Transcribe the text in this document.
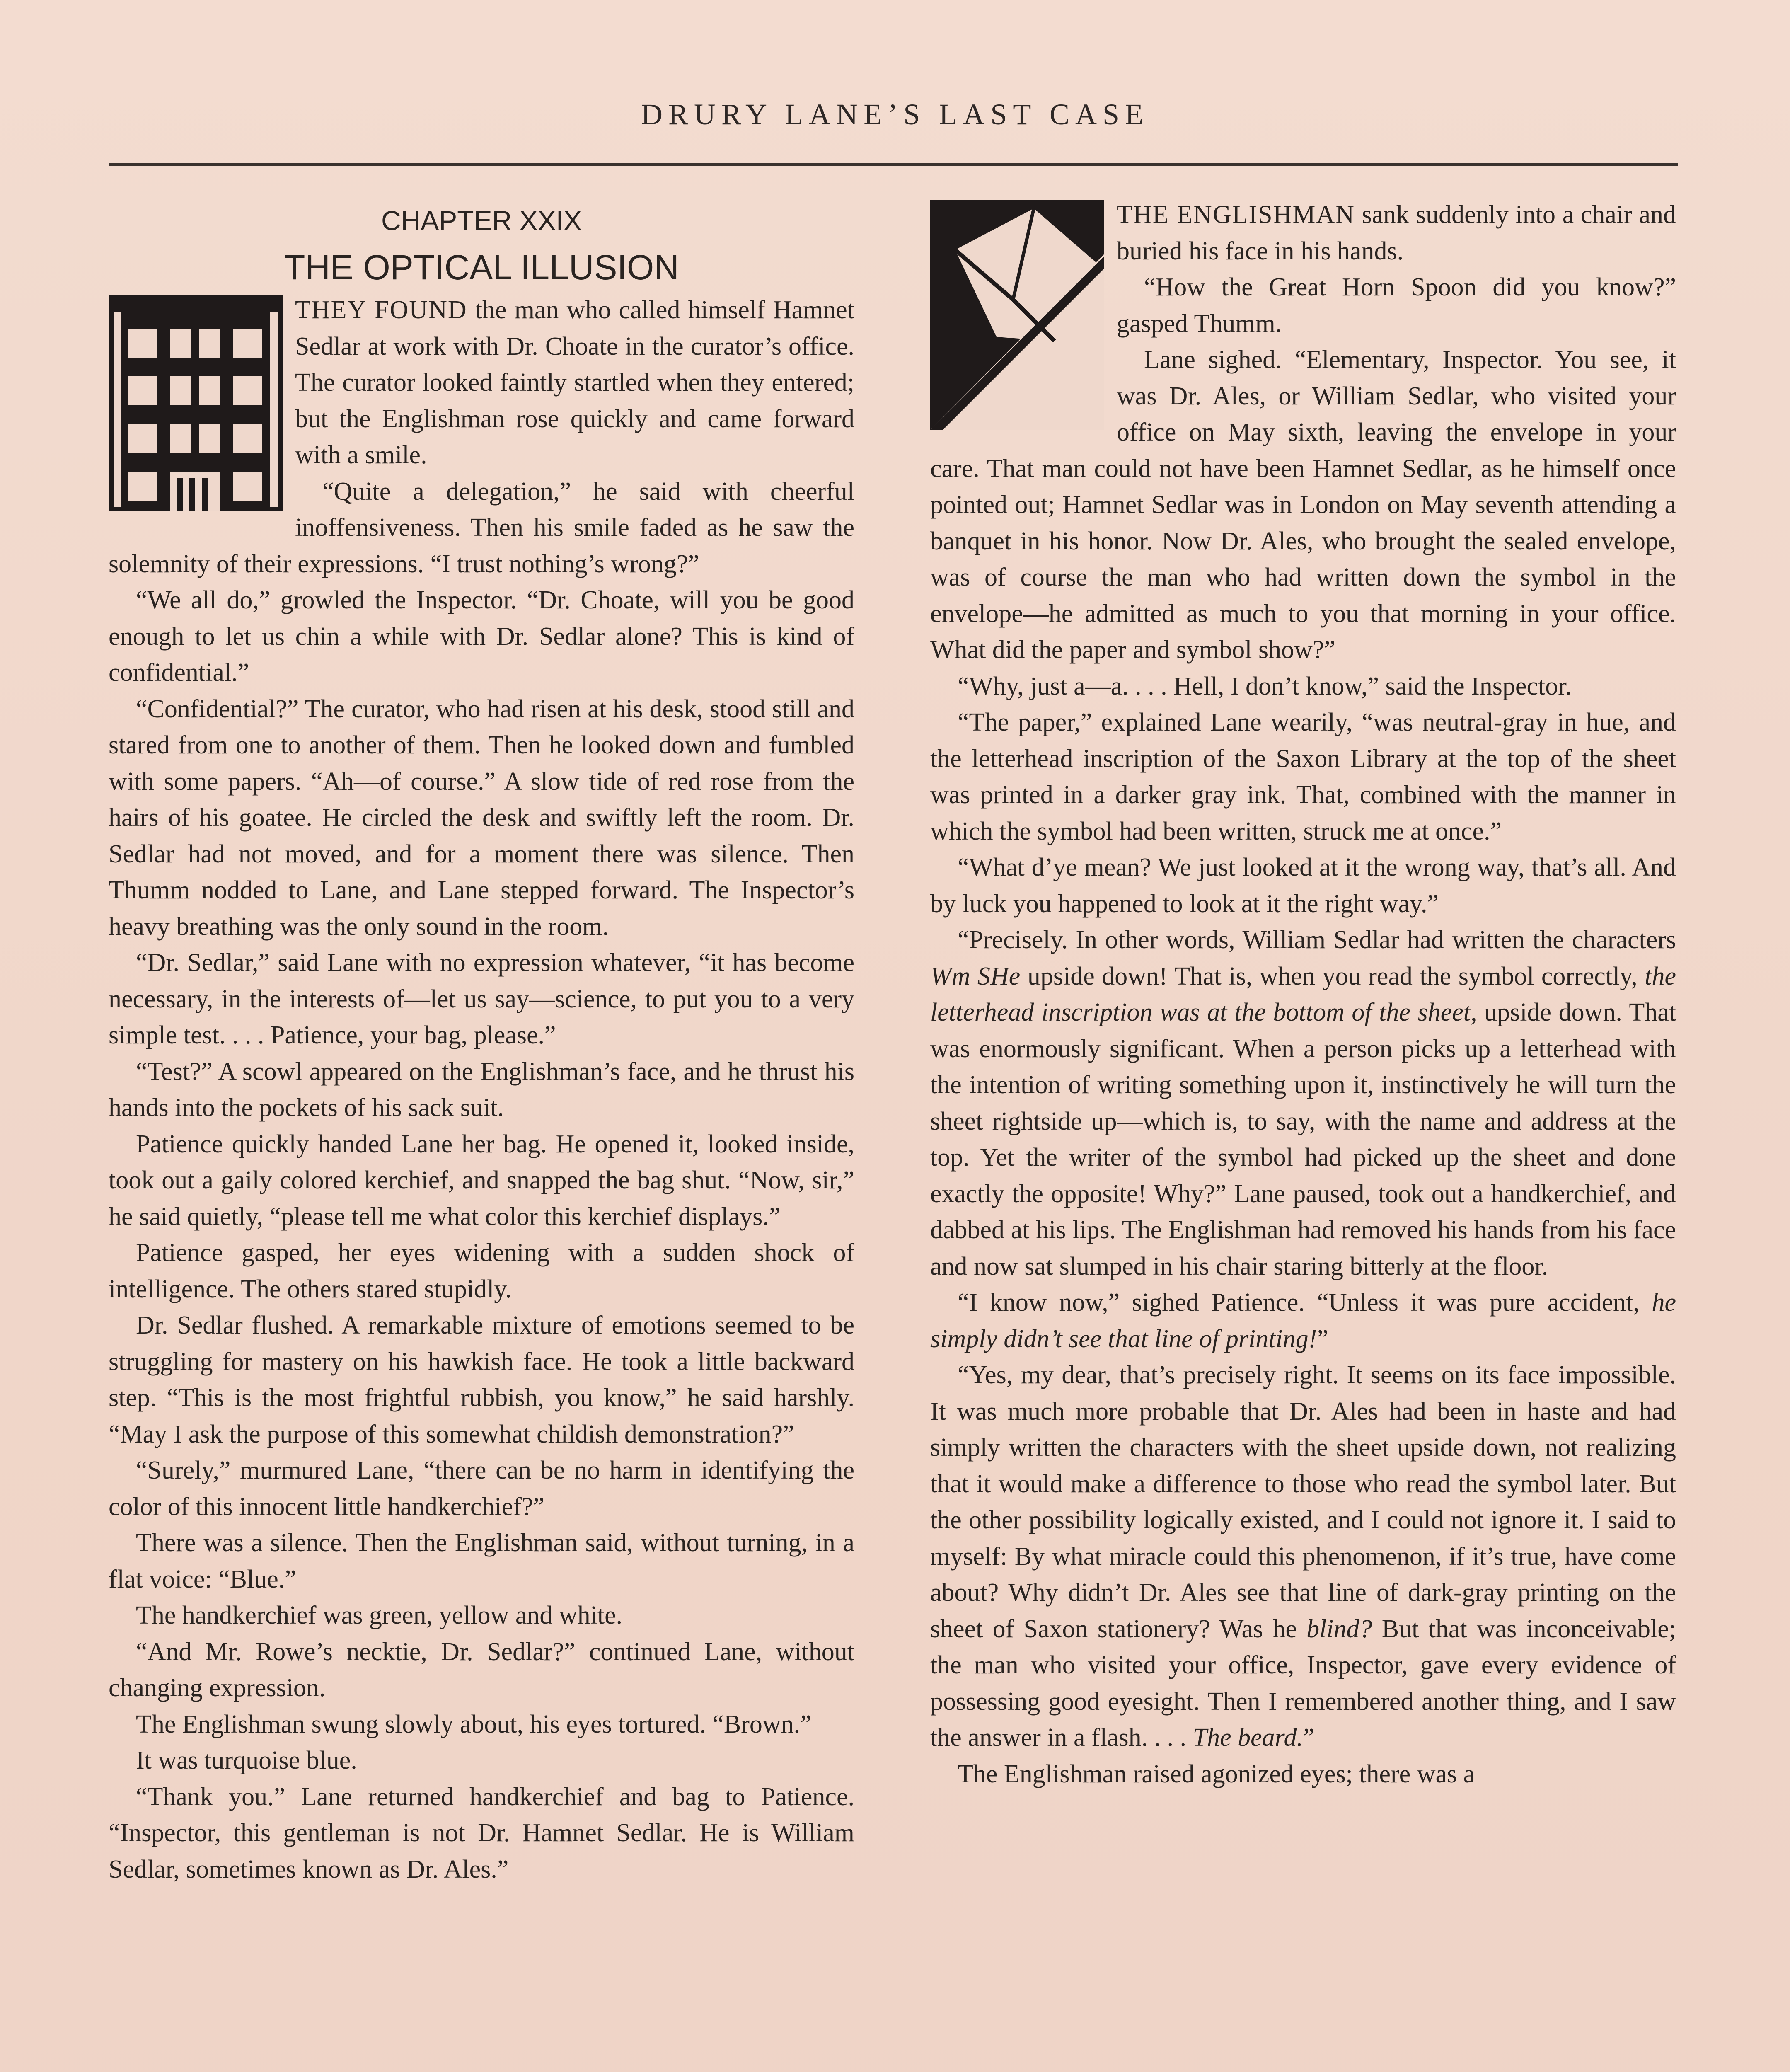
DRURY LANE’S LAST CASE

CHAPTER XXIX

THE OPTICAL ILLUSION

THEY FOUND the man who called himself Hamnet Sedlar at work with Dr. Choate in the curator’s office. The curator looked faintly startled when they entered; but the Englishman rose quickly and came forward with a smile.

“Quite a delegation,” he said with cheerful inoffensiveness. Then his smile faded as he saw the solemnity of their expressions. “I trust nothing’s wrong?”

“We all do,” growled the Inspector. “Dr. Choate, will you be good enough to let us chin a while with Dr. Sedlar alone? This is kind of confidential.”

“Confidential?” The curator, who had risen at his desk, stood still and stared from one to another of them. Then he looked down and fumbled with some papers. “Ah—of course.” A slow tide of red rose from the hairs of his goatee. He circled the desk and swiftly left the room. Dr. Sedlar had not moved, and for a moment there was silence. Then Thumm nodded to Lane, and Lane stepped forward. The Inspector’s heavy breathing was the only sound in the room.

“Dr. Sedlar,” said Lane with no expression whatever, “it has become necessary, in the interests of—let us say—science, to put you to a very simple test. . . . Patience, your bag, please.”

“Test?” A scowl appeared on the Englishman’s face, and he thrust his hands into the pockets of his sack suit.

Patience quickly handed Lane her bag. He opened it, looked inside, took out a gaily colored kerchief, and snapped the bag shut. “Now, sir,” he said quietly, “please tell me what color this kerchief displays.”

Patience gasped, her eyes widening with a sudden shock of intelligence. The others stared stupidly.

Dr. Sedlar flushed. A remarkable mixture of emotions seemed to be struggling for mastery on his hawkish face. He took a little backward step. “This is the most frightful rubbish, you know,” he said harshly. “May I ask the purpose of this somewhat childish demonstration?”

“Surely,” murmured Lane, “there can be no harm in identifying the color of this innocent little handkerchief?”

There was a silence. Then the Englishman said, without turning, in a flat voice: “Blue.”

The handkerchief was green, yellow and white.

“And Mr. Rowe’s necktie, Dr. Sedlar?” continued Lane, without changing expression.

The Englishman swung slowly about, his eyes tortured. “Brown.”

It was turquoise blue.

“Thank you.” Lane returned handkerchief and bag to Patience. “Inspector, this gentleman is not Dr. Hamnet Sedlar. He is William Sedlar, sometimes known as Dr. Ales.”

THE ENGLISHMAN sank suddenly into a chair and buried his face in his hands.

“How the Great Horn Spoon did you know?” gasped Thumm.

Lane sighed. “Elementary, Inspector. You see, it was Dr. Ales, or William Sedlar, who visited your office on May sixth, leaving the envelope in your care. That man could not have been Hamnet Sedlar, as he himself once pointed out; Hamnet Sedlar was in London on May seventh attending a banquet in his honor. Now Dr. Ales, who brought the sealed envelope, was of course the man who had written down the symbol in the envelope—he admitted as much to you that morning in your office. What did the paper and symbol show?”

“Why, just a—a. . . . Hell, I don’t know,” said the Inspector.

“The paper,” explained Lane wearily, “was neutral-gray in hue, and the letterhead inscription of the Saxon Library at the top of the sheet was printed in a darker gray ink. That, combined with the manner in which the symbol had been written, struck me at once.”

“What d’ye mean? We just looked at it the wrong way, that’s all. And by luck you happened to look at it the right way.”

“Precisely. In other words, William Sedlar had written the characters Wm SHe upside down! That is, when you read the symbol correctly, the letterhead inscription was at the bottom of the sheet, upside down. That was enormously significant. When a person picks up a letterhead with the intention of writing something upon it, instinctively he will turn the sheet rightside up—which is, to say, with the name and address at the top. Yet the writer of the symbol had picked up the sheet and done exactly the opposite! Why?” Lane paused, took out a handkerchief, and dabbed at his lips. The Englishman had removed his hands from his face and now sat slumped in his chair staring bitterly at the floor.

“I know now,” sighed Patience. “Unless it was pure accident, he simply didn’t see that line of printing!”

“Yes, my dear, that’s precisely right. It seems on its face impossible. It was much more probable that Dr. Ales had been in haste and had simply written the characters with the sheet upside down, not realizing that it would make a difference to those who read the symbol later. But the other possibility logically existed, and I could not ignore it. I said to myself: By what miracle could this phenomenon, if it’s true, have come about? Why didn’t Dr. Ales see that line of dark-gray printing on the sheet of Saxon stationery? Was he blind? But that was inconceivable; the man who visited your office, Inspector, gave every evidence of possessing good eyesight. Then I remembered another thing, and I saw the answer in a flash. . . . The beard.”

The Englishman raised agonized eyes; there was a
